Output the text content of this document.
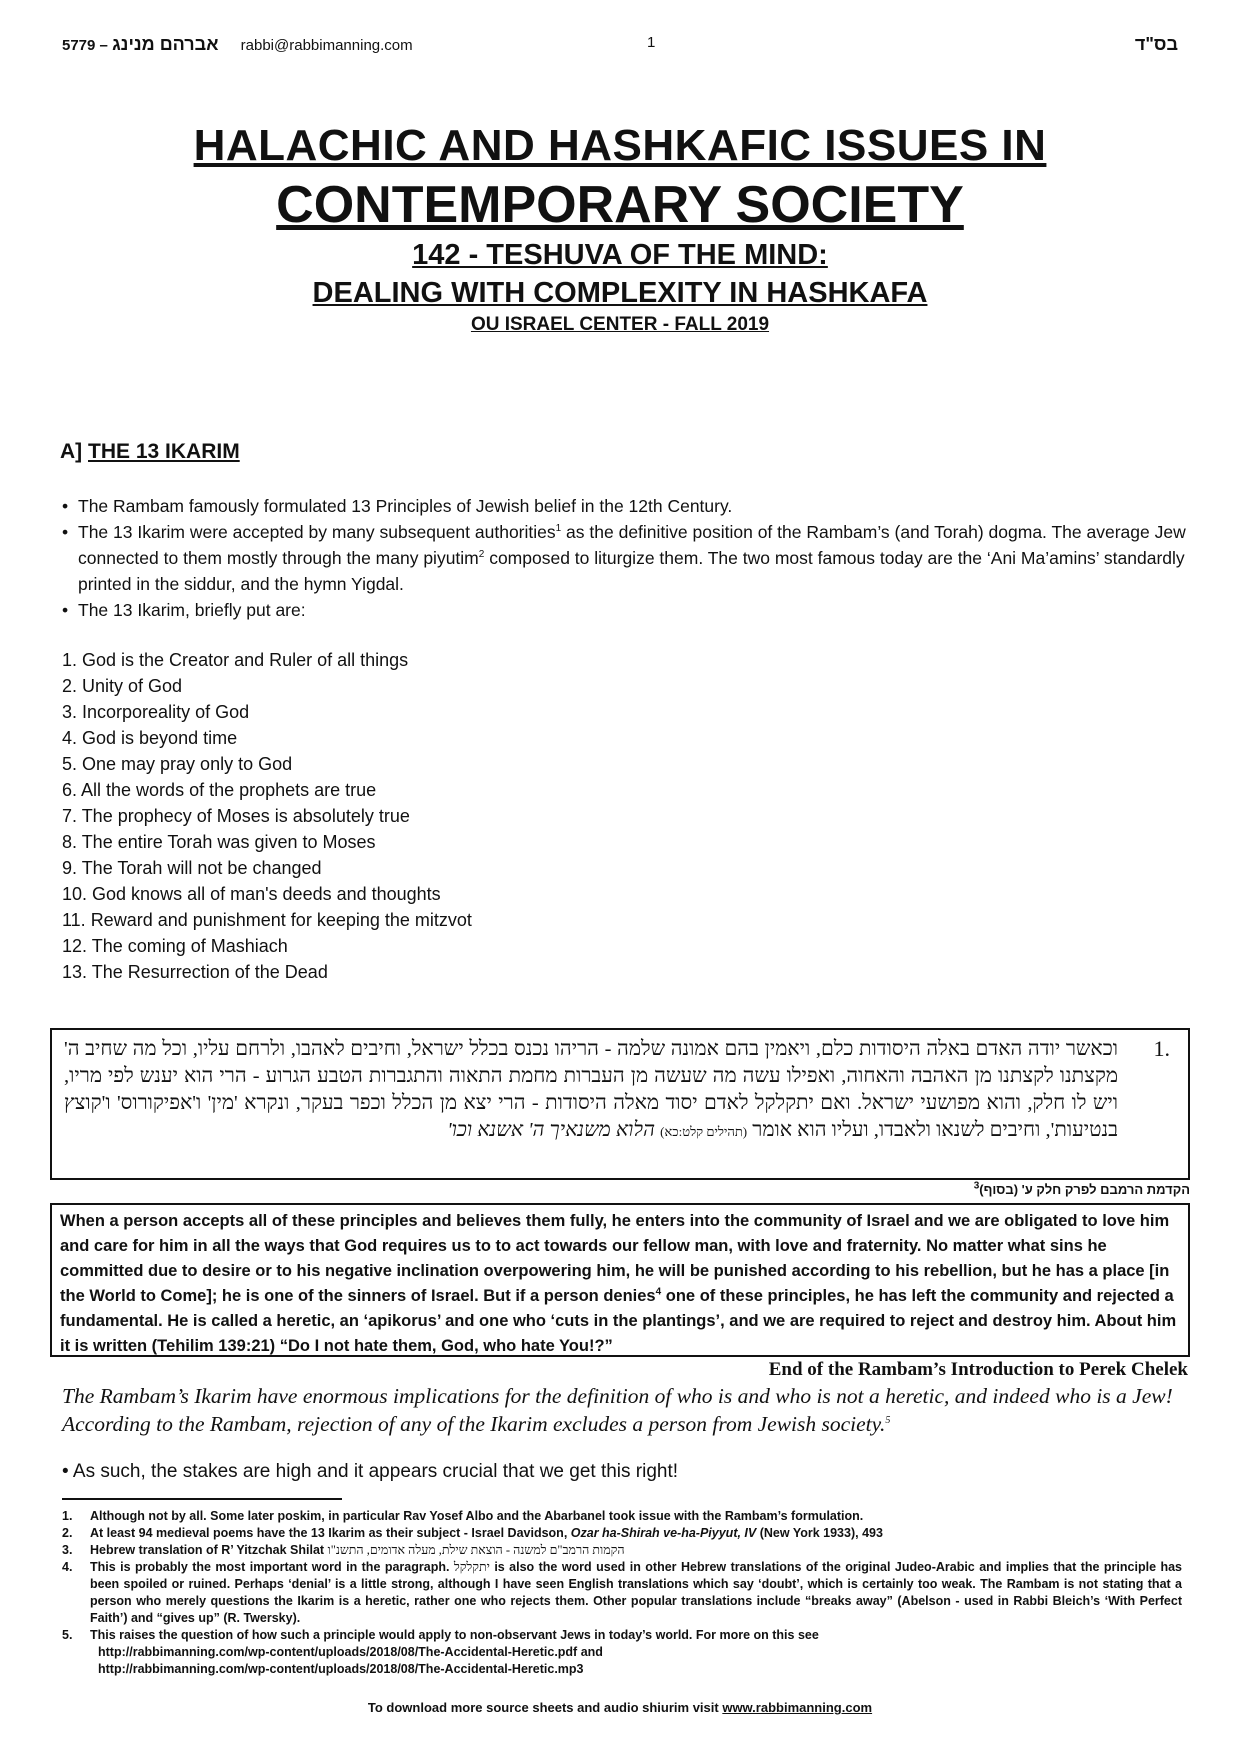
5779 – אברהם מנינג rabbi@rabbimanning.com	1	בס"ד
HALACHIC AND HASHKAFIC ISSUES IN
CONTEMPORARY SOCIETY
142 - TESHUVA OF THE MIND:
DEALING WITH COMPLEXITY IN HASHKAFA
OU ISRAEL CENTER - FALL 2019
A] THE 13 IKARIM
• The Rambam famously formulated 13 Principles of Jewish belief in the 12th Century.
• The 13 Ikarim were accepted by many subsequent authorities$^1$ as the definitive position of the Rambam’s (and Torah) dogma. The average Jew connected to them mostly through the many piyutim$^2$ composed to liturgize them. The two most famous today are the ‘Ani Ma’amins’ standardly printed in the siddur, and the hymn Yigdal.
• The 13 Ikarim, briefly put are:
1. God is the Creator and Ruler of all things
2. Unity of God
3. Incorporeality of God
4. God is beyond time
5. One may pray only to God
6. All the words of the prophets are true
7. The prophecy of Moses is absolutely true
8. The entire Torah was given to Moses
9. The Torah will not be changed
10. God knows all of man's deeds and thoughts
11. Reward and punishment for keeping the mitzvot
12. The coming of Mashiach
13. The Resurrection of the Dead
1.
וכאשר יודה האדם באלה היסודות כלם, ויאמין בהם אמונה שלמה - הריהו נכנס בכלל ישראל, וחיבים לאהבו, ולרחם עליו, וכל מה שחיב ה' מקצתנו לקצתנו מן האהבה והאחוה, ואפילו עשה מה שעשה מן העברות מחמת התאוה והתגברות הטבע הגרוע - הרי הוא יענש לפי מריו, ויש לו חלק, והוא מפושעי ישראל. ואם יתקלקל לאדם יסוד מאלה היסודות - הרי יצא מן הכלל וכפר בעקר, ונקרא 'מין' ו'אפיקורוס' ו'קוצץ בנטיעות', וחיבים לשנאו ולאבדו, ועליו הוא אומר (תהילים קלט:כא) הלוא משנאיך ה' אשנא וכו'
הקדמת הרמבם לפרק חלק ע' (בסוף)$^3$
When a person accepts all of these principles and believes them fully, he enters into the community of Israel and we are obligated to love him and care for him in all the ways that God requires us to to act towards our fellow man, with love and fraternity. No matter what sins he committed due to desire or to his negative inclination overpowering him, he will be punished according to his rebellion, but he has a place [in the World to Come]; he is one of the sinners of Israel. But if a person denies$^4$ one of these principles, he has left the community and rejected a fundamental. He is called a heretic, an ‘apikorus’ and one who ‘cuts in the plantings’, and we are required to reject and destroy him. About him it is written (Tehilim 139:21) “Do I not hate them, God, who hate You!?”
End of the Rambam’s Introduction to Perek Chelek
The Rambam’s Ikarim have enormous implications for the definition of who is and who is not a heretic, and indeed who is a Jew! According to the Rambam, rejection of any of the Ikarim excludes a person from Jewish society.$^5$
• As such, the stakes are high and it appears crucial that we get this right!
1. Although not by all. Some later poskim, in particular Rav Yosef Albo and the Abarbanel took issue with the Rambam’s formulation.
2. At least 94 medieval poems have the 13 Ikarim as their subject - Israel Davidson, Ozar ha-Shirah ve-ha-Piyyut, IV (New York 1933), 493
3. Hebrew translation of R’ Yitzchak Shilat הקמות הרמב"ם למשנה - הוצאת שילת, מעלה אדומים, התשנ"ו
4. This is probably the most important word in the paragraph. יתקלקל is also the word used in other Hebrew translations of the original Judeo-Arabic and implies that the principle has been spoiled or ruined. Perhaps ‘denial’ is a little strong, although I have seen English translations which say ‘doubt’, which is certainly too weak. The Rambam is not stating that a person who merely questions the Ikarim is a heretic, rather one who rejects them. Other popular translations include “breaks away” (Abelson - used in Rabbi Bleich’s ‘With Perfect Faith’) and “gives up” (R. Twersky).
5. This raises the question of how such a principle would apply to non-observant Jews in today’s world. For more on this see
http://rabbimanning.com/wp-content/uploads/2018/08/The-Accidental-Heretic.pdf and
http://rabbimanning.com/wp-content/uploads/2018/08/The-Accidental-Heretic.mp3
To download more source sheets and audio shiurim visit www.rabbimanning.com
